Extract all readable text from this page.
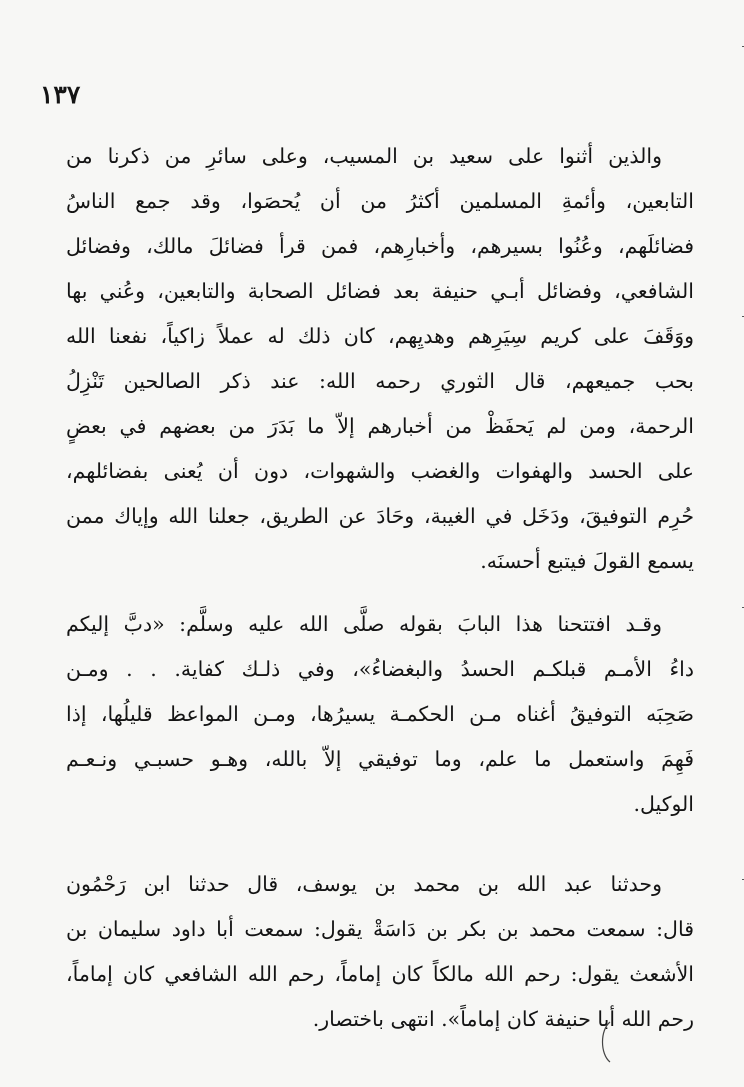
١٣٧
والذين أثنوا على سعيد بن المسيب، وعلى سائرِ من ذكرنا من
التابعين، وأئمةِ المسلمين أكثرُ من أن يُحصَوا، وقد جمع الناسُ
فضائلَهم، وعُنُوا بسيرهم، وأخبارِهم، فمن قرأ فضائلَ مالك، وفضائل
الشافعي، وفضائل أبـي حنيفة بعد فضائل الصحابة والتابعين، وعُني بها
ووَقَفَ على كريم سِيَرِهم وهديِهم، كان ذلك له عملاً زاكياً، نفعنا الله
بحب جميعهم، قال الثوري رحمه الله: عند ذكر الصالحين تَنْزِلُ
الرحمة، ومن لم يَحفَظْ من أخبارهم إلاّ ما بَدَرَ من بعضهم في بعضٍ
على الحسد والهفوات والغضب والشهوات، دون أن يُعنى بفضائلهم،
حُرِم التوفيقَ، ودَخَل في الغيبة، وحَادَ عن الطريق، جعلنا الله وإياك ممن
يسمع القولَ فيتبع أحسنَه.
وقـد افتتحنا هذا البابَ بقوله صلَّى الله عليه وسلَّم: «دبَّ إليكم
داءُ الأمـم قبلكـم الحسدُ والبغضاءُ»، وفي ذلـك كفاية. . . ومـن
صَحِبَه التوفيقُ أغناه مـن الحكمـة يسيرُها، ومـن المواعظ قليلُها، إذا
فَهِمَ واستعمل ما علم، وما توفيقي إلاّ بالله، وهـو حسبـي ونـعـم
الوكيل.
وحدثنا عبد الله بن محمد بن يوسف، قال حدثنا ابن رَحْمُون
قال: سمعت محمد بن بكر بن دَاسَةْ يقول: سمعت أبا داود سليمان بن
الأشعث يقول: رحم الله مالكاً كان إماماً، رحم الله الشافعي كان إماماً،
رحم الله أبا حنيفة كان إماماً». انتهى باختصار.
